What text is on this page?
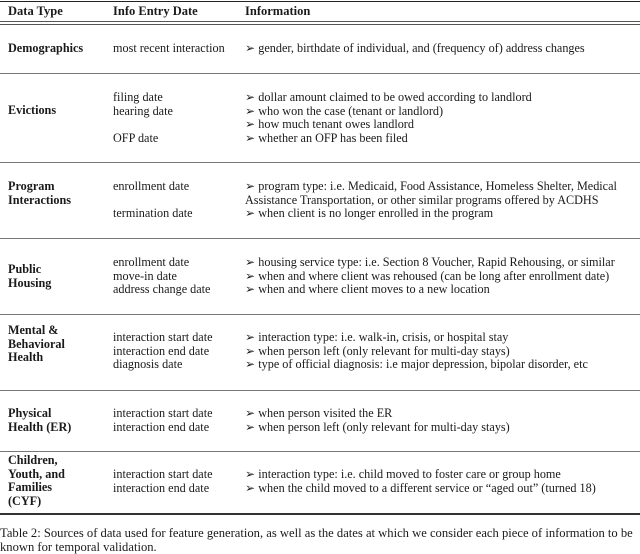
Data Type	Info Entry Date	Information
Demographics most recent interaction ➢ gender, birthdate of individual, and (frequency of) address changes
Evictions
filing date
hearing date
OFP date
➢ dollar amount claimed to be owed according to landlord
➢ who won the case (tenant or landlord)
➢ how much tenant owes landlord
➢ whether an OFP has been filed
Program
Interactions
enrollment date
termination date
➢ program type: i.e. Medicaid, Food Assistance, Homeless Shelter, Medical
Assistance Transportation, or other similar programs offered by ACDHS
➢ when client is no longer enrolled in the program
Public
Housing
enrollment date
move-in date
address change date
➢ housing service type: i.e. Section 8 Voucher, Rapid Rehousing, or similar
➢ when and where client was rehoused (can be long after enrollment date)
➢ when and where client moves to a new location
Mental &
Behavioral
Health
interaction start date
interaction end date
diagnosis date
➢ interaction type: i.e. walk-in, crisis, or hospital stay
➢ when person left (only relevant for multi-day stays)
➢ type of official diagnosis: i.e major depression, bipolar disorder, etc
Physical
Health (ER)
interaction start date
interaction end date
➢ when person visited the ER
➢ when person left (only relevant for multi-day stays)
Children,
Youth, and
Families
(CYF)
interaction start date
interaction end date
➢ interaction type: i.e. child moved to foster care or group home
➢ when the child moved to a different service or “aged out” (turned 18)
Table 2: Sources of data used for feature generation, as well as the dates at which we consider each piece of information to be
known for temporal validation.
